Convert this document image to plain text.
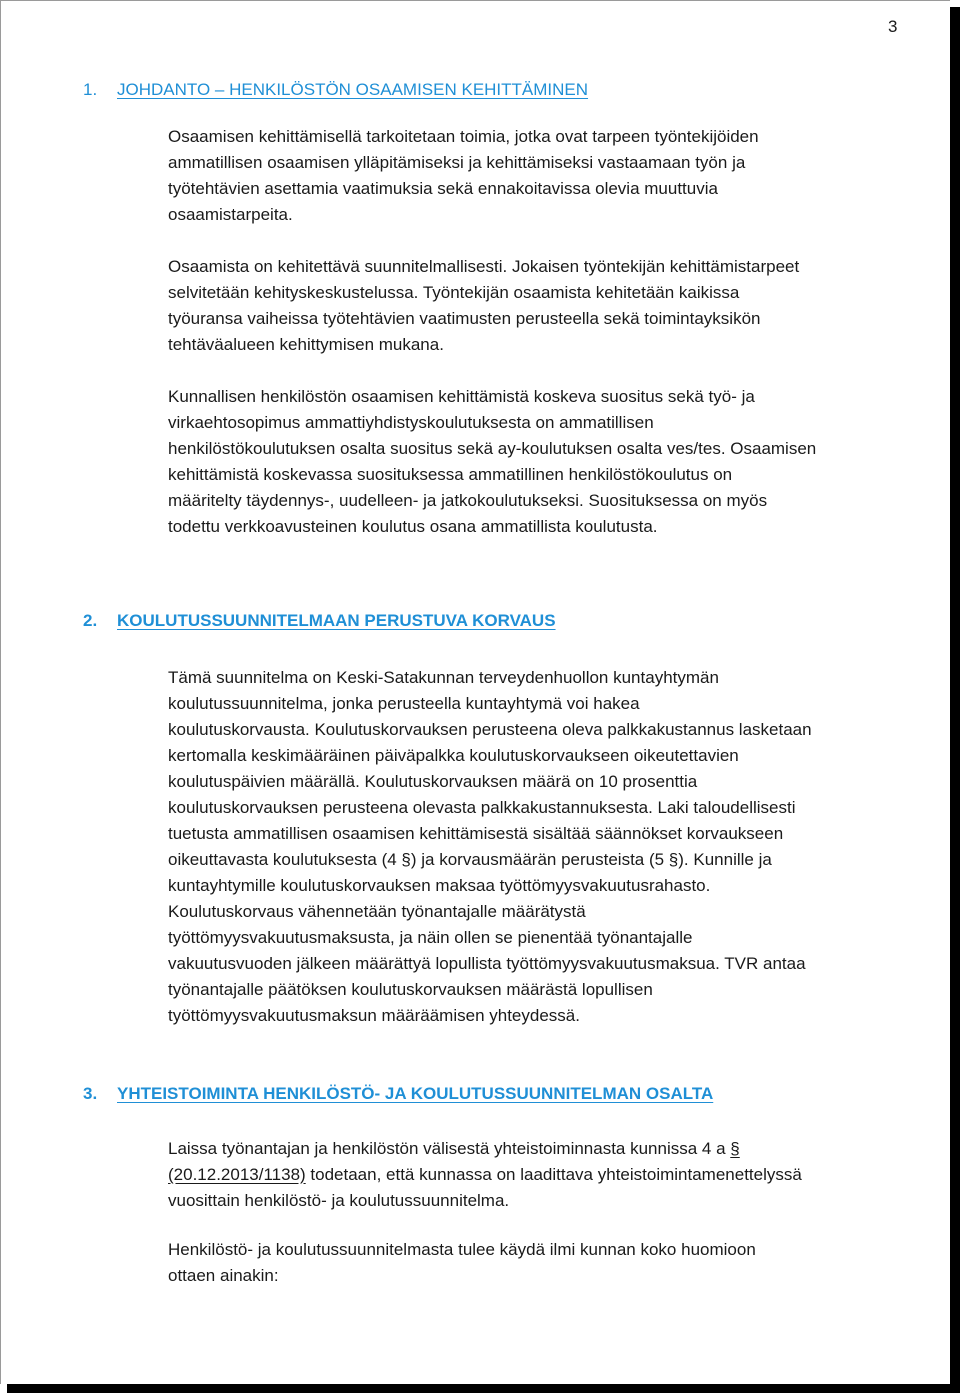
3
1. JOHDANTO – HENKILÖSTÖN OSAAMISEN KEHITTÄMINEN

Osaamisen kehittämisellä tarkoitetaan toimia, jotka ovat tarpeen työntekijöiden
ammatillisen osaamisen ylläpitämiseksi ja kehittämiseksi vastaamaan työn ja
työtehtävien asettamia vaatimuksia sekä ennakoitavissa olevia muuttuvia
osaamistarpeita.

Osaamista on kehitettävä suunnitelmallisesti. Jokaisen työntekijän kehittämistarpeet
selvitetään kehityskeskustelussa. Työntekijän osaamista kehitetään kaikissa
työuransa vaiheissa työtehtävien vaatimusten perusteella sekä toimintayksikön
tehtäväalueen kehittymisen mukana.

Kunnallisen henkilöstön osaamisen kehittämistä koskeva suositus sekä työ- ja
virkaehtosopimus ammattiyhdistyskoulutuksesta on ammatillisen
henkilöstökoulutuksen osalta suositus sekä ay-koulutuksen osalta ves/tes. Osaamisen
kehittämistä koskevassa suosituksessa ammatillinen henkilöstökoulutus on
määritelty täydennys-, uudelleen- ja jatkokoulutukseksi. Suosituksessa on myös
todettu verkkoavusteinen koulutus osana ammatillista koulutusta.

2. KOULUTUSSUUNNITELMAAN PERUSTUVA KORVAUS

Tämä suunnitelma on Keski-Satakunnan terveydenhuollon kuntayhtymän
koulutussuunnitelma, jonka perusteella kuntayhtymä voi hakea
koulutuskorvausta. Koulutuskorvauksen perusteena oleva palkkakustannus lasketaan
kertomalla keskimääräinen päiväpalkka koulutuskorvaukseen oikeutettavien
koulutuspäivien määrällä. Koulutuskorvauksen määrä on 10 prosenttia
koulutuskorvauksen perusteena olevasta palkkakustannuksesta. Laki taloudellisesti
tuetusta ammatillisen osaamisen kehittämisestä sisältää säännökset korvaukseen
oikeuttavasta koulutuksesta (4 §) ja korvausmäärän perusteista (5 §). Kunnille ja
kuntayhtymille koulutuskorvauksen maksaa työttömyysvakuutusrahasto.
Koulutuskorvaus vähennetään työnantajalle määrätystä
työttömyysvakuutusmaksusta, ja näin ollen se pienentää työnantajalle
vakuutusvuoden jälkeen määrättyä lopullista työttömyysvakuutusmaksua. TVR antaa
työnantajalle päätöksen koulutuskorvauksen määrästä lopullisen
työttömyysvakuutusmaksun määräämisen yhteydessä.

3. YHTEISTOIMINTA HENKILÖSTÖ- JA KOULUTUSSUUNNITELMAN OSALTA

Laissa työnantajan ja henkilöstön välisestä yhteistoiminnasta kunnissa 4 a §
(20.12.2013/1138) todetaan, että kunnassa on laadittava yhteistoimintamenettelyssä
vuosittain henkilöstö- ja koulutussuunnitelma.

Henkilöstö- ja koulutussuunnitelmasta tulee käydä ilmi kunnan koko huomioon
ottaen ainakin:
